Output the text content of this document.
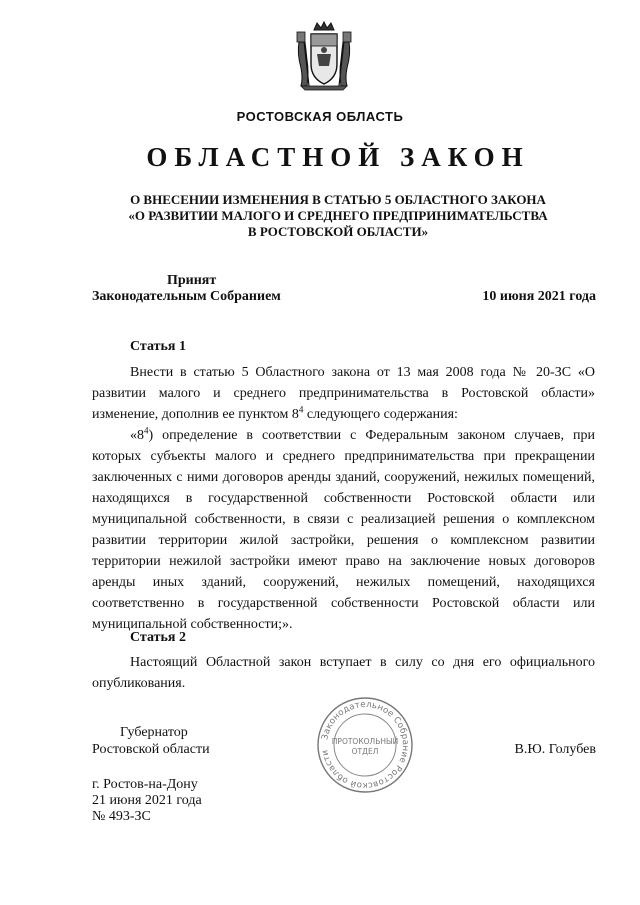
РОСТОВСКАЯ ОБЛАСТЬ
ОБЛАСТНОЙ ЗАКОН
О ВНЕСЕНИИ ИЗМЕНЕНИЯ В СТАТЬЮ 5 ОБЛАСТНОГО ЗАКОНА
«О РАЗВИТИИ МАЛОГО И СРЕДНЕГО ПРЕДПРИНИМАТЕЛЬСТВА
В РОСТОВСКОЙ ОБЛАСТИ»
Принят
Законодательным Собранием	10 июня 2021 года
Статья 1

Внести в статью 5 Областного закона от 13 мая 2008 года № 20-ЗС «О развитии малого и среднего предпринимательства в Ростовской области» изменение, дополнив ее пунктом $8^4$ следующего содержания:

«$8^4$) определение в соответствии с Федеральным законом случаев, при которых субъекты малого и среднего предпринимательства при прекращении заключенных с ними договоров аренды зданий, сооружений, нежилых помещений, находящихся в государственной собственности Ростовской области или муниципальной собственности, в связи с реализацией решения о комплексном развитии территории жилой застройки, решения о комплексном развитии территории нежилой застройки имеют право на заключение новых договоров аренды иных зданий, сооружений, нежилых помещений, находящихся соответственно в государственной собственности Ростовской области или муниципальной собственности;».

Статья 2

Настоящий Областной закон вступает в силу со дня его официального опубликования.

Губернатор
Ростовской области	В.Ю. Голубев
г. Ростов-на-Дону
21 июня 2021 года
№ 493-ЗС
Законодательное Собрание Ростовской области
ПРОТОКОЛЬНЫЙ
ОТДЕЛ
